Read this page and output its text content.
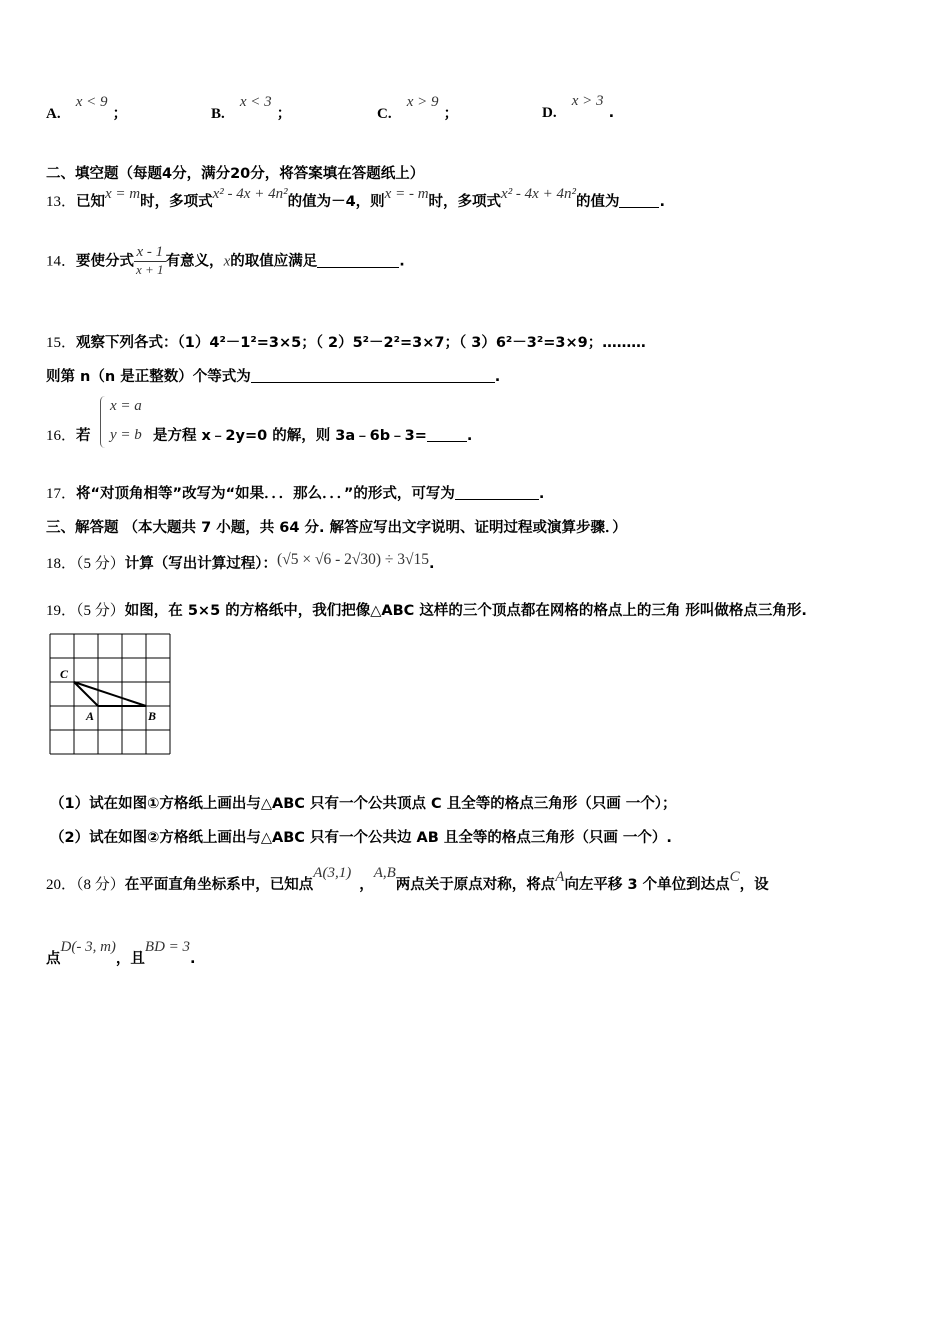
A. x < 9 ；	B. x < 3 ；	C. x > 9 ；	D. x > 3 .
二、填空题（每题4分，满分20分，将答案填在答题纸上）
13．已知x = m时，多项式x² - 4x + 4n²的值为－4，则x = - m时，多项式x² - 4x + 4n²的值为	.
14．要使分式 $\frac{x - 1}{x + 1}$ 有意义，x的取值应满足	.
15．观察下列各式：（1）4²－1²=3×5；（ 2）5²－2²=3×7；（ 3）6²－3²=3×9；………
则第 n（n 是正整数）个等式为	.
16．若
x = a
y = b 是方程 x﹣2y=0 的解，则 3a﹣6b﹣3=	.
17．将“对顶角相等”改写为“如果．．．那么．．．”的形式，可写为	.
三、解答题 （本大题共 7 小题，共 64 分. 解答应写出文字说明、证明过程或演算步骤．）
18．（5 分）计算（写出计算过程）：(√5 × √6 - 2√30) ÷ 3√15.
19．（5 分）如图，在 5×5 的方格纸中，我们把像△ABC 这样的三个顶点都在网格的格点上的三角 形叫做格点三角形.
C
A	B
（1）试在如图①方格纸上画出与△ABC 只有一个公共顶点 C 且全等的格点三角形（只画 一个）；
（2）试在如图②方格纸上画出与△ABC 只有一个公共边 AB 且全等的格点三角形（只画 一个）.
20．（8 分）在平面直角坐标系中，已知点A(3,1)，A,B两点关于原点对称，将点A向左平移 3 个单位到达点C，设
点D(- 3, m)，且BD = 3.
